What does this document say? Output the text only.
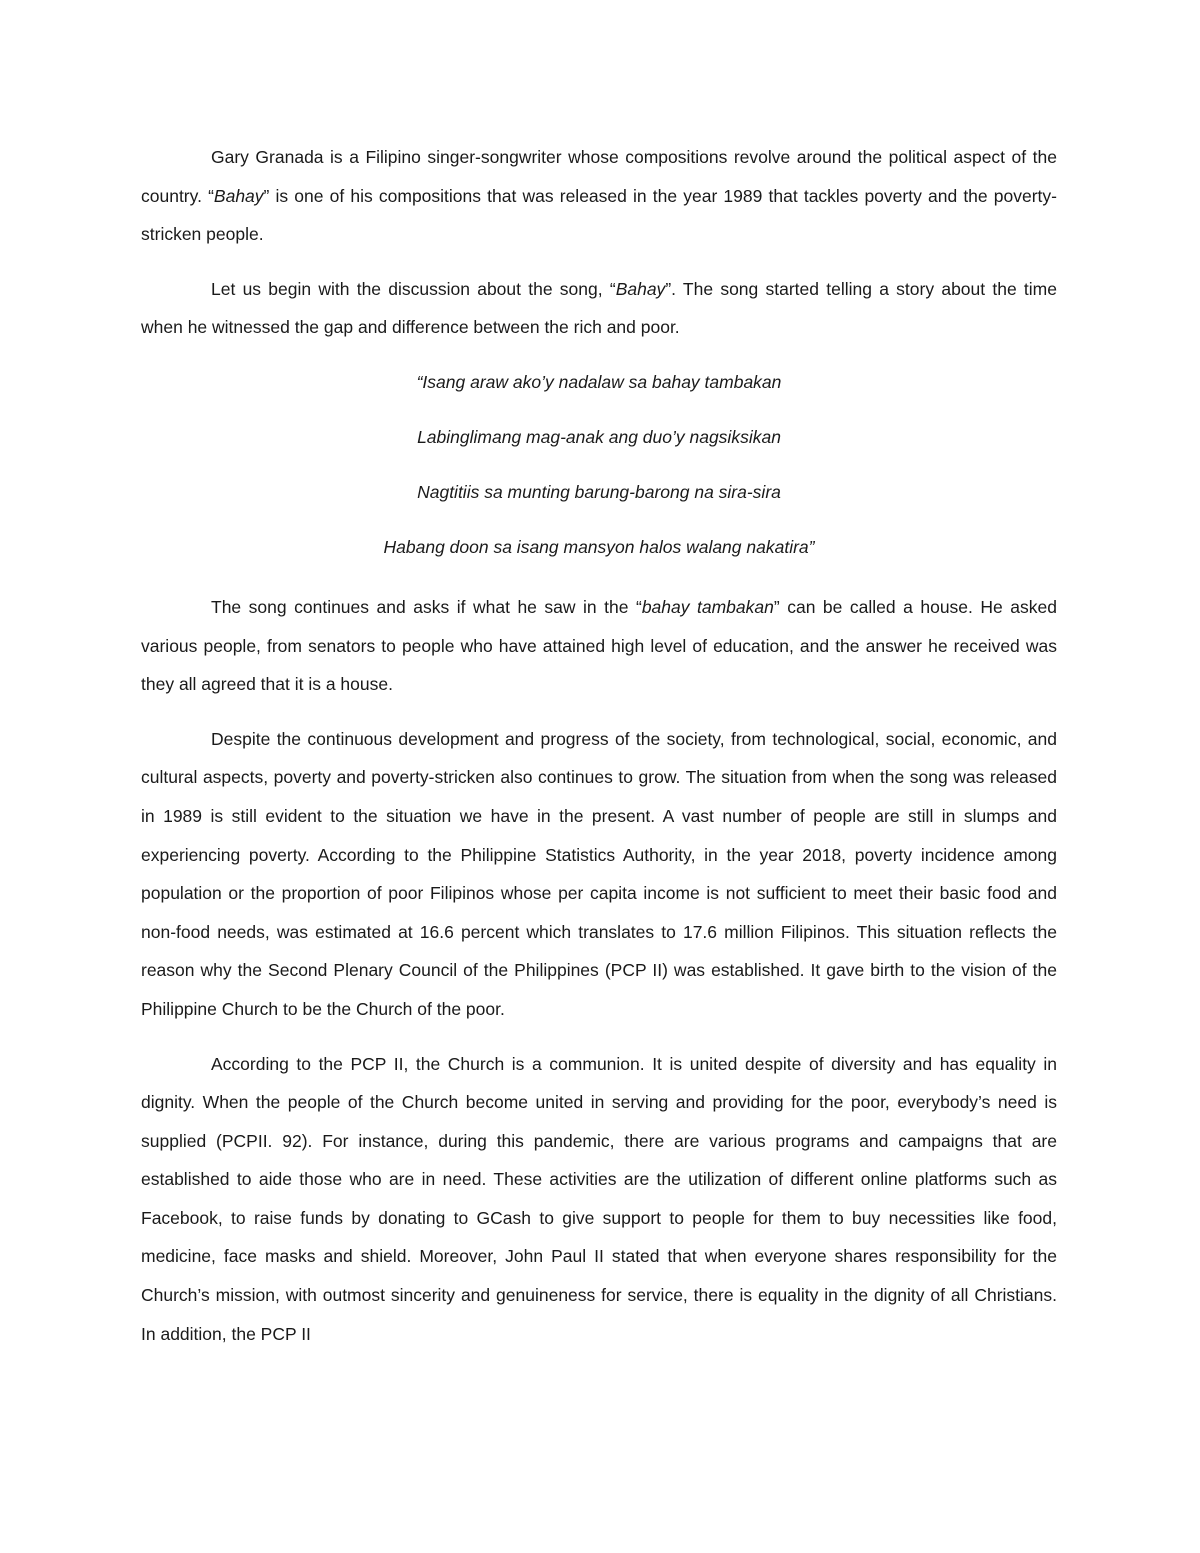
Gary Granada is a Filipino singer-songwriter whose compositions revolve around the political aspect of the country. “Bahay” is one of his compositions that was released in the year 1989 that tackles poverty and the poverty-stricken people.

Let us begin with the discussion about the song, “Bahay”. The song started telling a story about the time when he witnessed the gap and difference between the rich and poor.

“Isang araw ako’y nadalaw sa bahay tambakan

Labinglimang mag-anak ang duo’y nagsiksikan

Nagtitiis sa munting barung-barong na sira-sira

Habang doon sa isang mansyon halos walang nakatira”

The song continues and asks if what he saw in the “bahay tambakan” can be called a house. He asked various people, from senators to people who have attained high level of education, and the answer he received was they all agreed that it is a house.

Despite the continuous development and progress of the society, from technological, social, economic, and cultural aspects, poverty and poverty-stricken also continues to grow. The situation from when the song was released in 1989 is still evident to the situation we have in the present. A vast number of people are still in slumps and experiencing poverty. According to the Philippine Statistics Authority, in the year 2018, poverty incidence among population or the proportion of poor Filipinos whose per capita income is not sufficient to meet their basic food and non-food needs, was estimated at 16.6 percent which translates to 17.6 million Filipinos. This situation reflects the reason why the Second Plenary Council of the Philippines (PCP II) was established. It gave birth to the vision of the Philippine Church to be the Church of the poor.

According to the PCP II, the Church is a communion. It is united despite of diversity and has equality in dignity. When the people of the Church become united in serving and providing for the poor, everybody’s need is supplied (PCPII. 92). For instance, during this pandemic, there are various programs and campaigns that are established to aide those who are in need. These activities are the utilization of different online platforms such as Facebook, to raise funds by donating to GCash to give support to people for them to buy necessities like food, medicine, face masks and shield. Moreover, John Paul II stated that when everyone shares responsibility for the Church’s mission, with outmost sincerity and genuineness for service, there is equality in the dignity of all Christians. In addition, the PCP II
